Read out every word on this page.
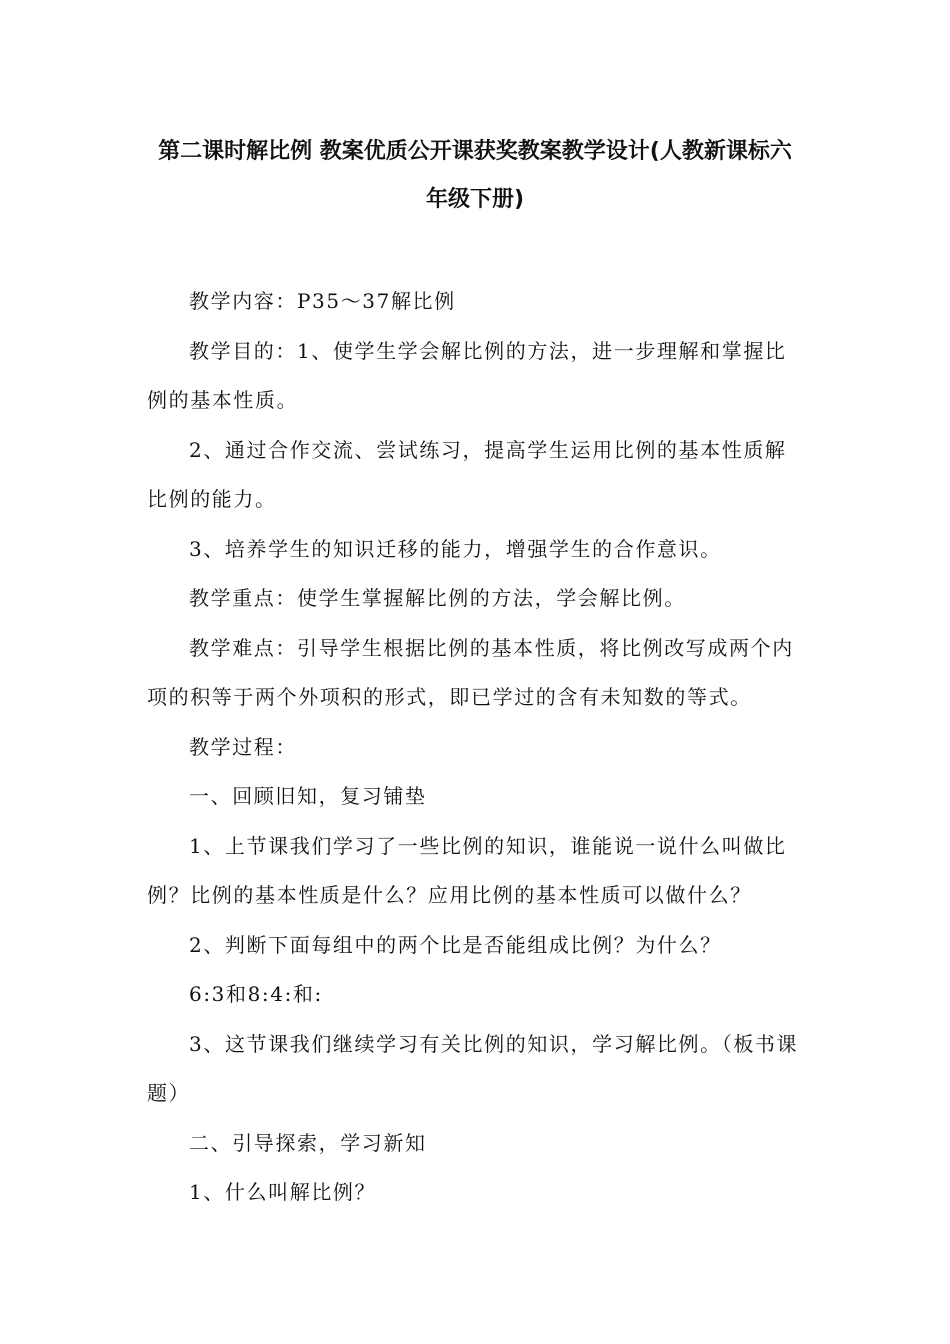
第二课时解比例 教案优质公开课获奖教案教学设计(人教新课标六
年级下册)

教学内容：P35～37解比例

教学目的：1、使学生学会解比例的方法，进一步理解和掌握比例的基本性质。

2、通过合作交流、尝试练习，提高学生运用比例的基本性质解比例的能力。

3、培养学生的知识迁移的能力，增强学生的合作意识。

教学重点：使学生掌握解比例的方法，学会解比例。

教学难点：引导学生根据比例的基本性质，将比例改写成两个内项的积等于两个外项积的形式，即已学过的含有未知数的等式。

教学过程：

一、回顾旧知，复习铺垫

1、上节课我们学习了一些比例的知识，谁能说一说什么叫做比例？比例的基本性质是什么？应用比例的基本性质可以做什么？

2、判断下面每组中的两个比是否能组成比例？为什么？

6:3和8:4:和:

3、这节课我们继续学习有关比例的知识，学习解比例。（板书课题）

二、引导探索，学习新知

1、什么叫解比例？
